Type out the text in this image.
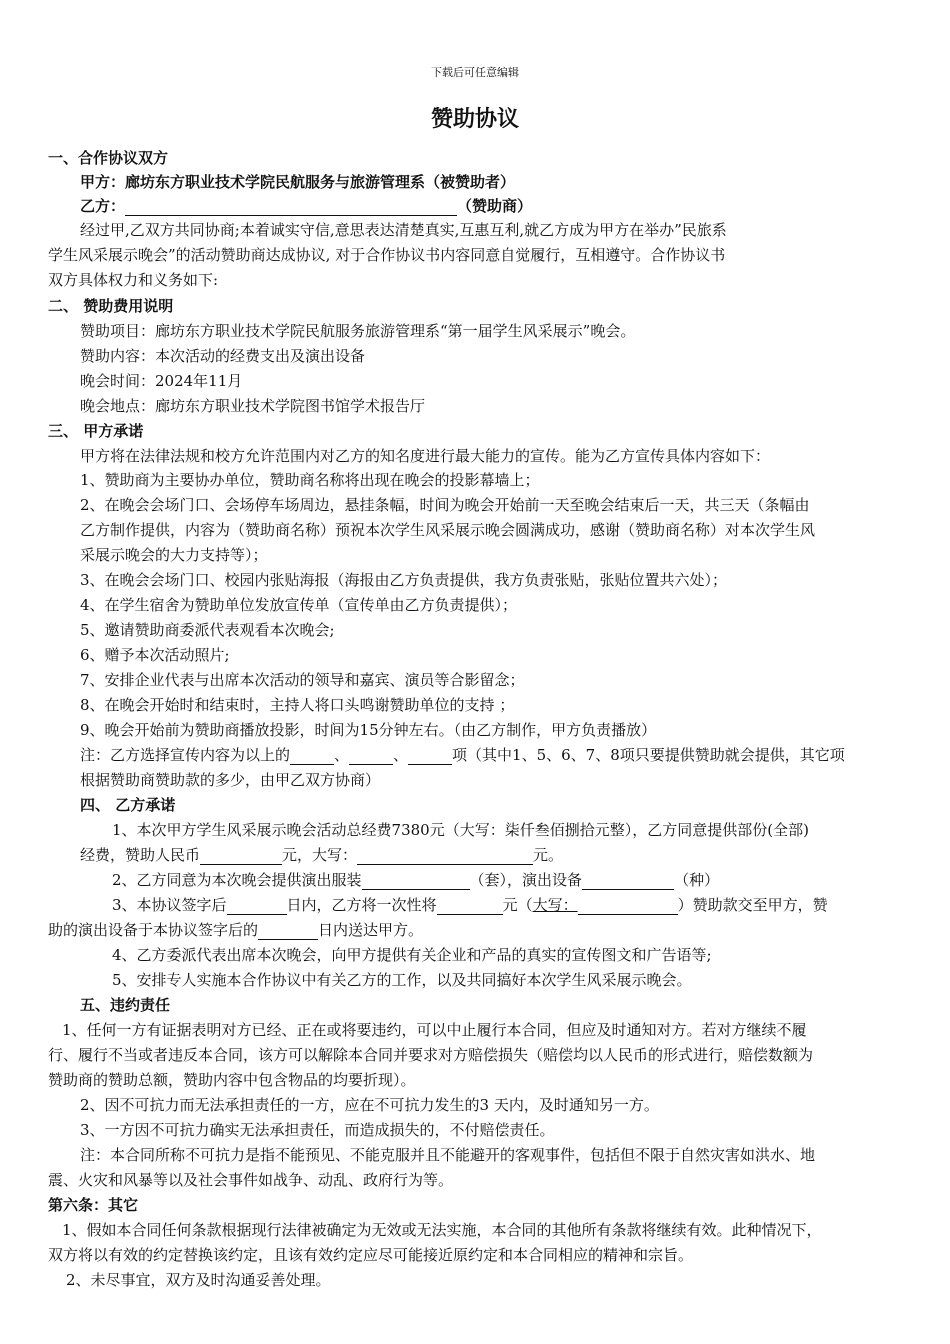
下载后可任意编辑
赞助协议
一、合作协议双方
甲方：廊坊东方职业技术学院民航服务与旅游管理系（被赞助者）
乙方：	（赞助商）
经过甲,乙双方共同协商;本着诚实守信,意思表达清楚真实,互惠互利,就乙方成为甲方在举办”民旅系
学生风采展示晚会”的活动赞助商达成协议, 对于合作协议书内容同意自觉履行，互相遵守。合作协议书
双方具体权力和义务如下:
二、 赞助费用说明
赞助项目：廊坊东方职业技术学院民航服务旅游管理系“第一届学生风采展示”晚会。
赞助内容：本次活动的经费支出及演出设备
晚会时间：2024年11月
晚会地点：廊坊东方职业技术学院图书馆学术报告厅
三、 甲方承诺
甲方将在法律法规和校方允许范围内对乙方的知名度进行最大能力的宣传。能为乙方宣传具体内容如下：
1、赞助商为主要协办单位，赞助商名称将出现在晚会的投影幕墙上；
2、在晚会会场门口、会场停车场周边，悬挂条幅，时间为晚会开始前一天至晚会结束后一天，共三天（条幅由
乙方制作提供，内容为（赞助商名称）预祝本次学生风采展示晚会圆满成功，感谢（赞助商名称）对本次学生风
采展示晚会的大力支持等）；
3、在晚会会场门口、校园内张贴海报（海报由乙方负责提供，我方负责张贴，张贴位置共六处）；
4、在学生宿舍为赞助单位发放宣传单（宣传单由乙方负责提供）；
5、邀请赞助商委派代表观看本次晚会;
6、赠予本次活动照片;
7、安排企业代表与出席本次活动的领导和嘉宾、演员等合影留念；
8、在晚会开始时和结束时，主持人将口头鸣谢赞助单位的支持 ；
9、晚会开始前为赞助商播放投影，时间为15分钟左右。（由乙方制作，甲方负责播放）
注：乙方选择宣传内容为以上的	、	、	项（其中1、5、6、7、8项只要提供赞助就会提供，其它项
根据赞助商赞助款的多少，由甲乙双方协商）
四、 乙方承诺
1、本次甲方学生风采展示晚会活动总经费7380元（大写：柒仟叁佰捌拾元整），乙方同意提供部份(全部)
经费，赞助人民币	元，大写：	元。
2、乙方同意为本次晚会提供演出服装	（套），演出设备	（种）
3、本协议签字后	日内，乙方将一次性将	元（大写：	）赞助款交至甲方，赞
助的演出设备于本协议签字后的	日内送达甲方。
4、乙方委派代表出席本次晚会，向甲方提供有关企业和产品的真实的宣传图文和广告语等;
5、安排专人实施本合作协议中有关乙方的工作，以及共同搞好本次学生风采展示晚会。
五、违约责任
1、任何一方有证据表明对方已经、正在或将要违约，可以中止履行本合同，但应及时通知对方。若对方继续不履
行、履行不当或者违反本合同，该方可以解除本合同并要求对方赔偿损失（赔偿均以人民币的形式进行，赔偿数额为
赞助商的赞助总额，赞助内容中包含物品的均要折现）。
2、因不可抗力而无法承担责任的一方，应在不可抗力发生的3 天内，及时通知另一方。
3、一方因不可抗力确实无法承担责任，而造成损失的，不付赔偿责任。
注：本合同所称不可抗力是指不能预见、不能克服并且不能避开的客观事件，包括但不限于自然灾害如洪水、地
震、火灾和风暴等以及社会事件如战争、动乱、政府行为等。
第六条：其它
1、假如本合同任何条款根据现行法律被确定为无效或无法实施，本合同的其他所有条款将继续有效。此种情况下，
双方将以有效的约定替换该约定，且该有效约定应尽可能接近原约定和本合同相应的精神和宗旨。
2、未尽事宜，双方及时沟通妥善处理。
